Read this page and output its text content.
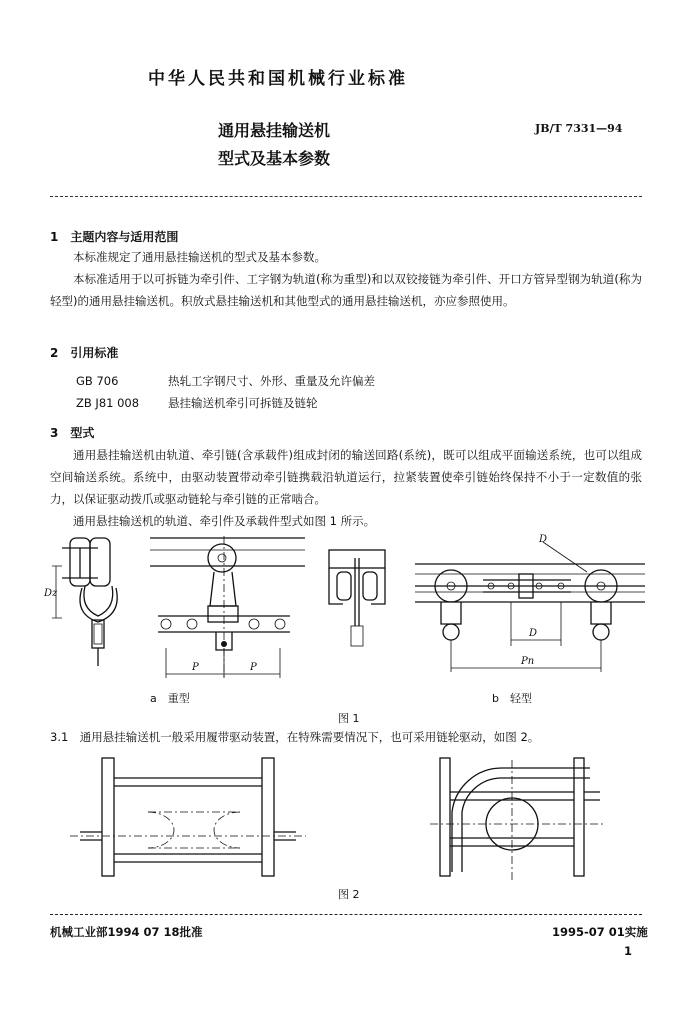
中华人民共和国机械行业标准
通用悬挂输送机
型式及基本参数
JB/T 7331—94
1　主题内容与适用范围
本标准规定了通用悬挂输送机的型式及基本参数。
本标准适用于以可拆链为牵引件、工字钢为轨道(称为重型)和以双铰接链为牵引件、开口方管异型钢为轨道(称为轻型)的通用悬挂输送机。积放式悬挂输送机和其他型式的通用悬挂输送机，亦应参照使用。
2　引用标准
GB 706	热轧工字钢尺寸、外形、重量及允许偏差
ZB J81 008	悬挂输送机牵引可拆链及链轮
3　型式
通用悬挂输送机由轨道、牵引链(含承载件)组成封闭的输送回路(系统)，既可以组成平面输送系统，也可以组成空间输送系统。系统中，由驱动装置带动牵引链携载沿轨道运行，拉紧装置使牵引链始终保持不小于一定数值的张力，以保证驱动拨爪或驱动链轮与牵引链的正常啮合。
通用悬挂输送机的轨道、牵引件及承载件型式如图 1 所示。
Dz
P	P
a　重型
D
D
Pn
b　轻型
图 1
3.1　通用悬挂输送机一般采用履带驱动装置，在特殊需要情况下，也可采用链轮驱动，如图 2。
图 2
机械工业部1994 07 18批准	1995-07 01实施
1
